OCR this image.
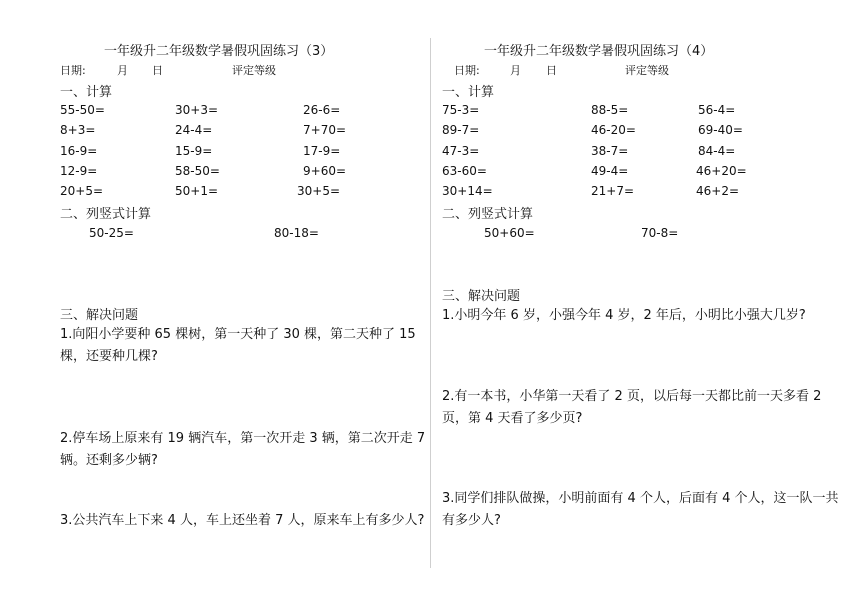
一年级升二年级数学暑假巩固练习（3）
日期:	月 日	评定等级
一、计算
55-50=	30+3=	26-6=
8+3=	24-4=	7+70=
16-9=	15-9=	17-9=
12-9=	58-50=	9+60=
20+5=	50+1=	30+5=
二、列竖式计算
50-25=	80-18=
三、解决问题
1.向阳小学要种 65 棵树，第一天种了 30 棵，第二天种了 15 棵，还要种几棵?
2.停车场上原来有 19 辆汽车，第一次开走 3 辆，第二次开走 7 辆。还剩多少辆?
3.公共汽车上下来 4 人，车上还坐着 7 人，原来车上有多少人?
一年级升二年级数学暑假巩固练习（4）
日期:	月 日	评定等级
一、计算
75-3=	88-5=	56-4=
89-7=	46-20=	69-40=
47-3=	38-7=	84-4=
63-60=	49-4=	46+20=
30+14=	21+7=	46+2=
二、列竖式计算
50+60=	70-8=
三、解决问题
1.小明今年 6 岁，小强今年 4 岁，2 年后，小明比小强大几岁?
2.有一本书，小华第一天看了 2 页，以后每一天都比前一天多看 2 页，第 4 天看了多少页?
3.同学们排队做操，小明前面有 4 个人，后面有 4 个人，这一队一共有多少人?
